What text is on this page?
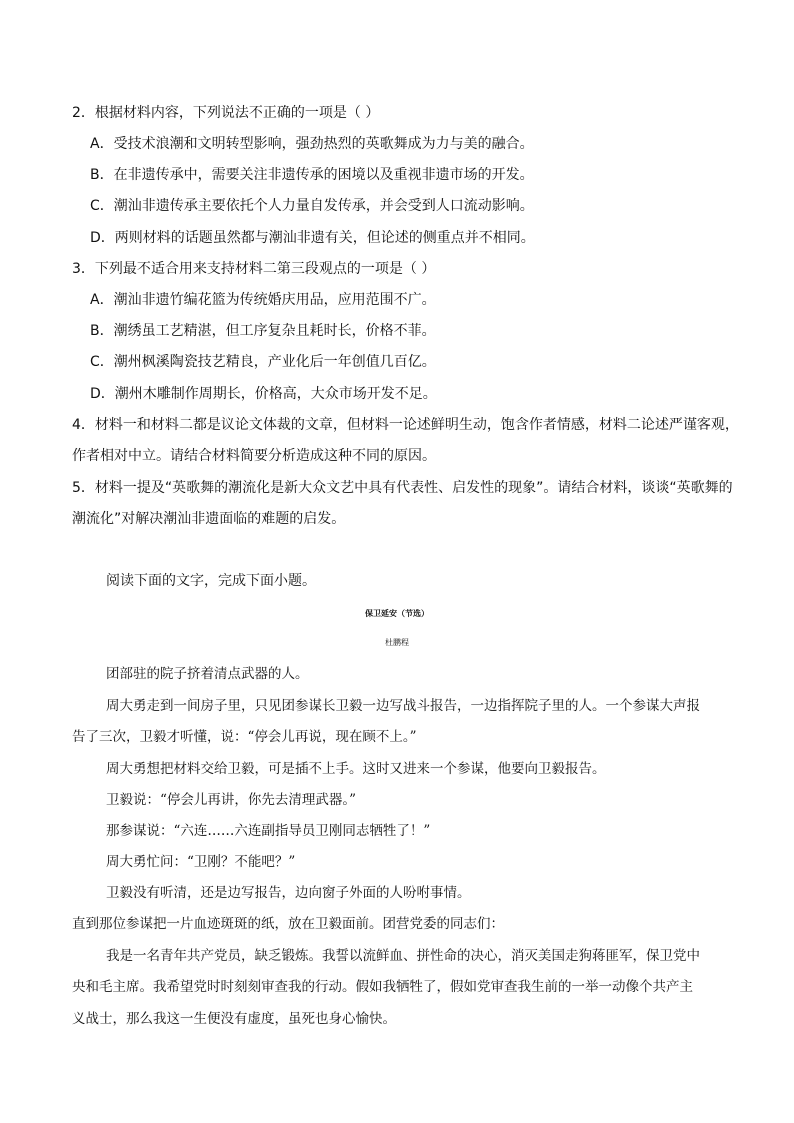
2．根据材料内容，下列说法不正确的一项是（ ）
A．受技术浪潮和文明转型影响，强劲热烈的英歌舞成为力与美的融合。
B．在非遗传承中，需要关注非遗传承的困境以及重视非遗市场的开发。
C．潮汕非遗传承主要依托个人力量自发传承，并会受到人口流动影响。
D．两则材料的话题虽然都与潮汕非遗有关，但论述的侧重点并不相同。
3．下列最不适合用来支持材料二第三段观点的一项是（ ）
A．潮汕非遗竹编花篮为传统婚庆用品，应用范围不广。
B．潮绣虽工艺精湛，但工序复杂且耗时长，价格不菲。
C．潮州枫溪陶瓷技艺精良，产业化后一年创值几百亿。
D．潮州木雕制作周期长，价格高，大众市场开发不足。
4．材料一和材料二都是议论文体裁的文章，但材料一论述鲜明生动，饱含作者情感，材料二论述严谨客观，
作者相对中立。请结合材料简要分析造成这种不同的原因。
5．材料一提及“英歌舞的潮流化是新大众文艺中具有代表性、启发性的现象”。请结合材料，谈谈“英歌舞的
潮流化”对解决潮汕非遗面临的难题的启发。
阅读下面的文字，完成下面小题。
保卫延安（节选）
杜鹏程
团部驻的院子挤着清点武器的人。
周大勇走到一间房子里，只见团参谋长卫毅一边写战斗报告，一边指挥院子里的人。一个参谋大声报
告了三次，卫毅才听懂，说：“停会儿再说，现在顾不上。”
周大勇想把材料交给卫毅，可是插不上手。这时又进来一个参谋，他要向卫毅报告。
卫毅说：“停会儿再讲，你先去清理武器。”
那参谋说：“六连……六连副指导员卫刚同志牺牲了！”
周大勇忙问：“卫刚？不能吧？”
卫毅没有听清，还是边写报告，边向窗子外面的人吩咐事情。
直到那位参谋把一片血迹斑斑的纸，放在卫毅面前。团营党委的同志们：
我是一名青年共产党员，缺乏锻炼。我誓以流鲜血、拼性命的决心，消灭美国走狗蒋匪军，保卫党中
央和毛主席。我希望党时时刻刻审查我的行动。假如我牺牲了，假如党审查我生前的一举一动像个共产主
义战士，那么我这一生便没有虚度，虽死也身心愉快。
